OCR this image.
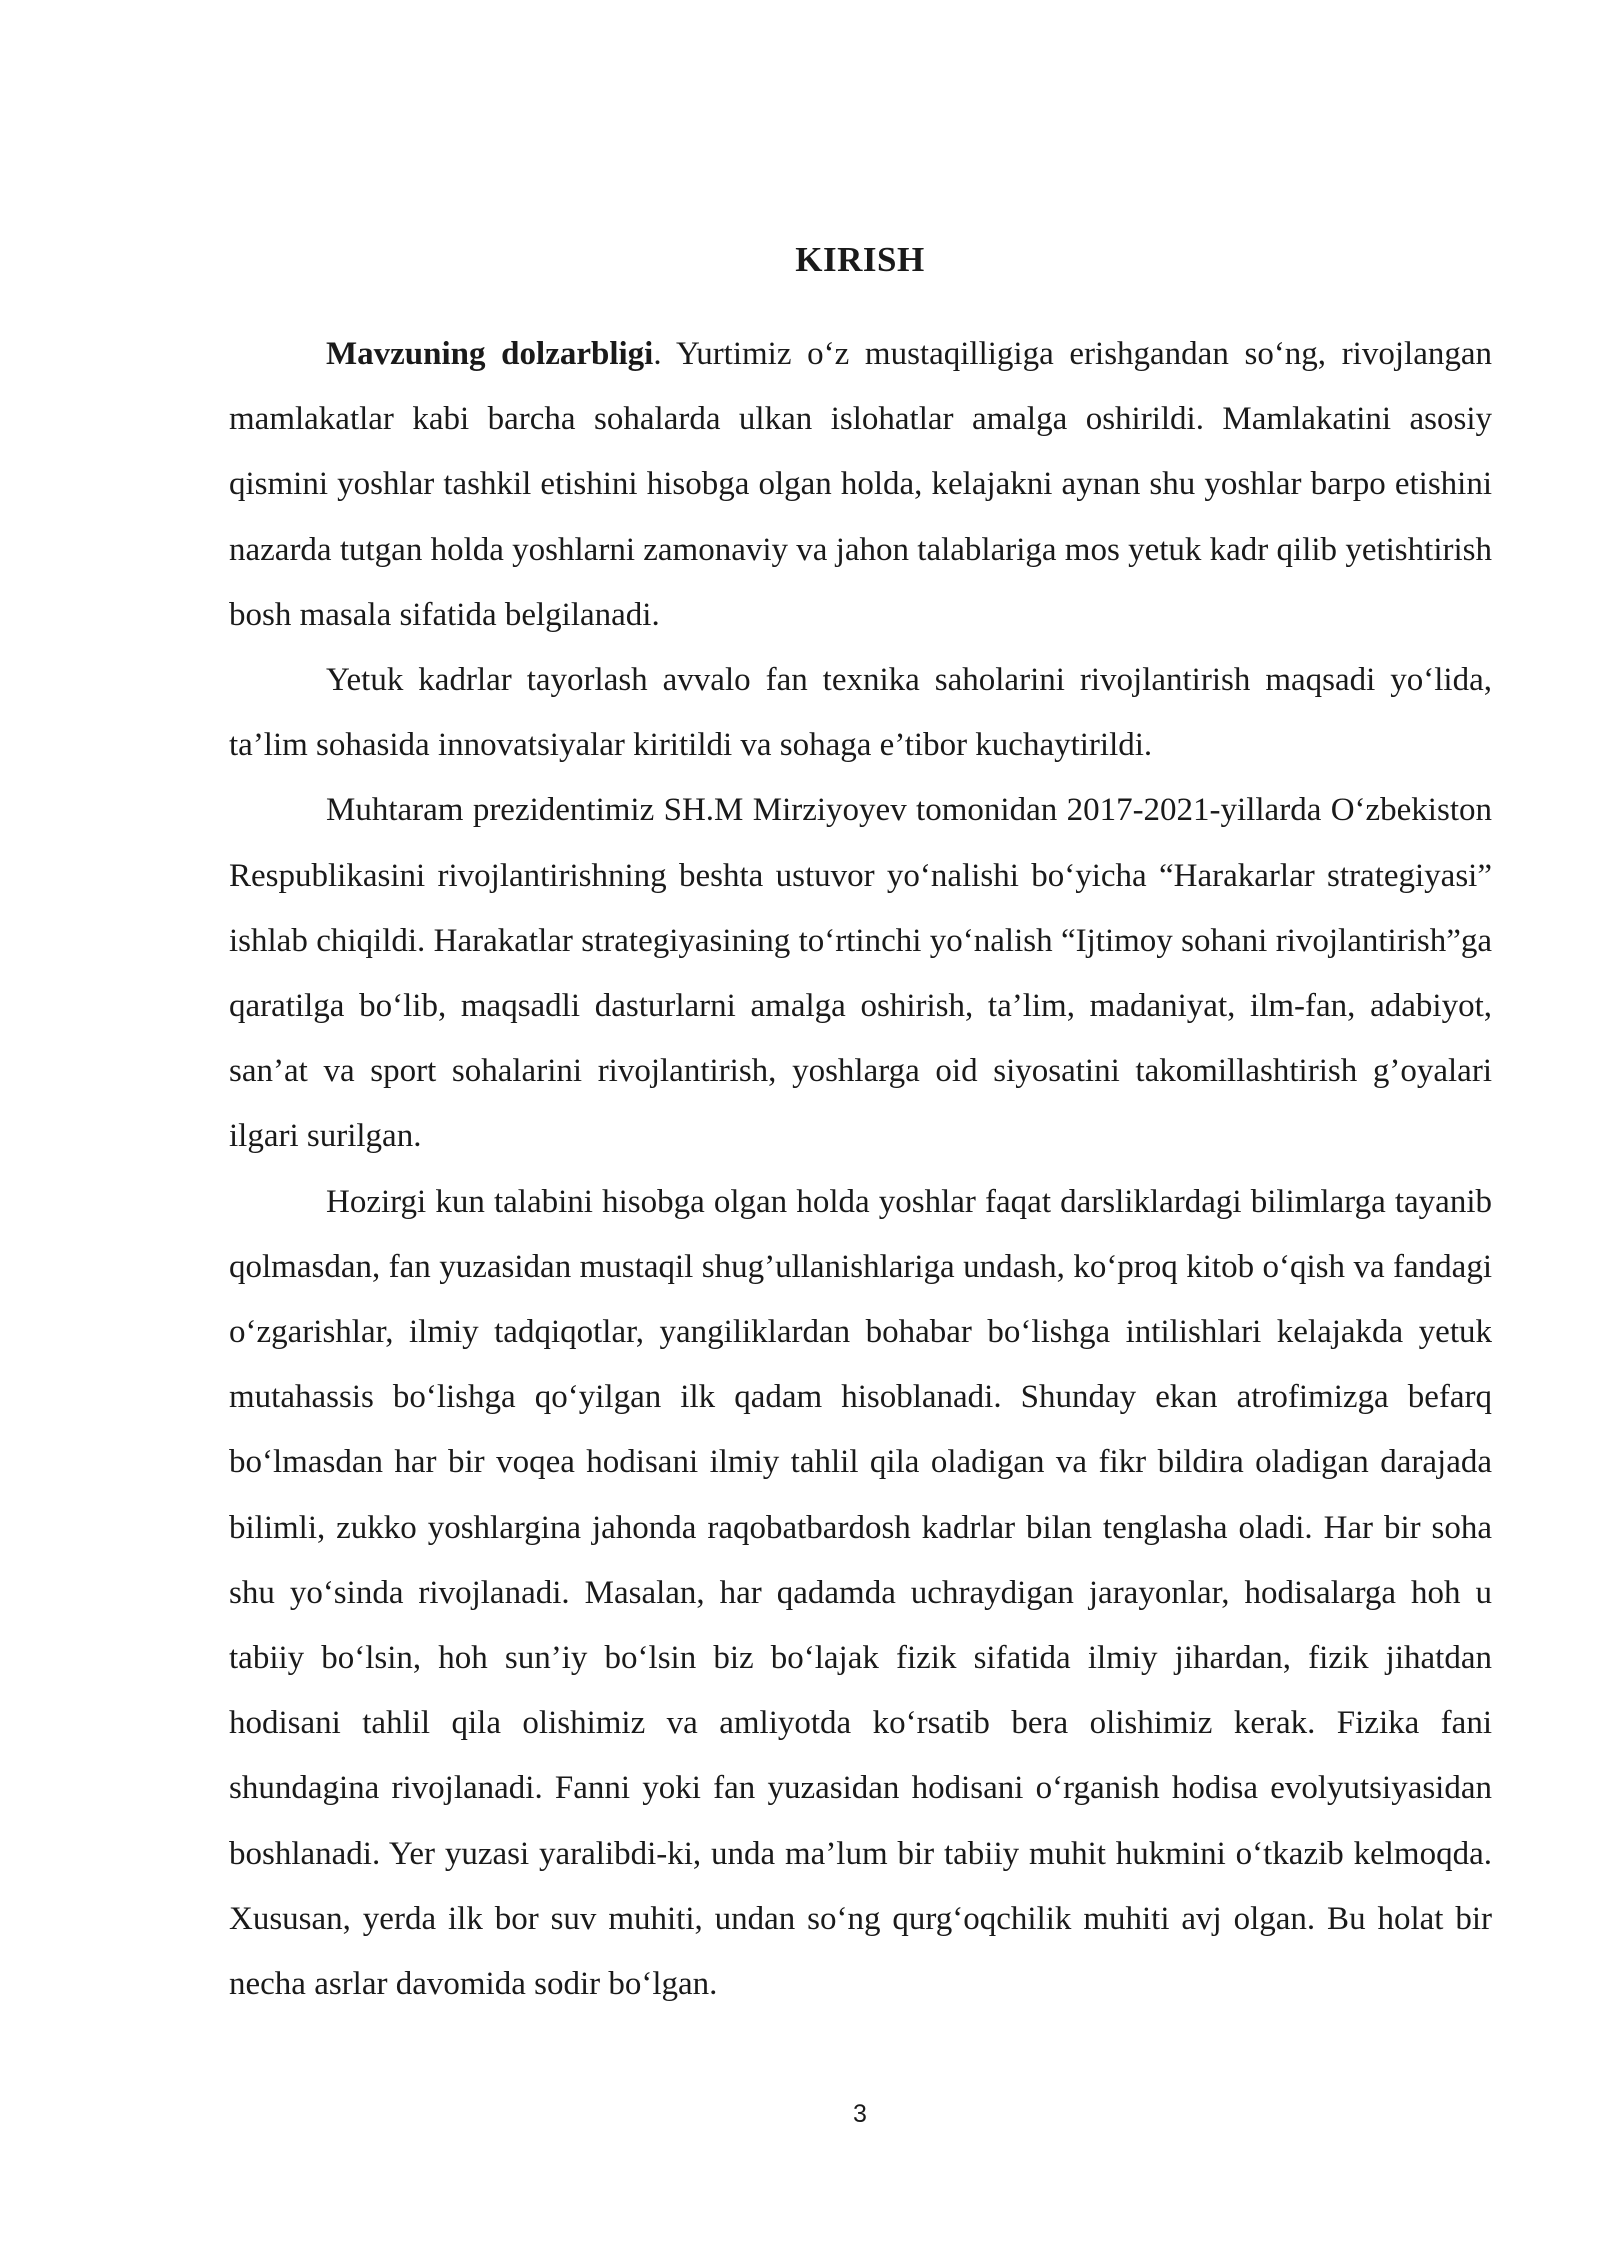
KIRISH

Mavzuning dolzarbligi. Yurtimiz o‘z mustaqilligiga erishgandan so‘ng, rivojlangan mamlakatlar kabi barcha sohalarda ulkan islohatlar amalga oshirildi. Mamlakatini asosiy qismini yoshlar tashkil etishini hisobga olgan holda, kelajakni aynan shu yoshlar barpo etishini nazarda tutgan holda yoshlarni zamonaviy va jahon talablariga mos yetuk kadr qilib yetishtirish bosh masala sifatida belgilanadi.

Yetuk kadrlar tayorlash avvalo fan texnika saholarini rivojlantirish maqsadi yo‘lida, ta’lim sohasida innovatsiyalar kiritildi va sohaga e’tibor kuchaytirildi.

Muhtaram prezidentimiz SH.M Mirziyoyev tomonidan 2017-2021-yillarda O‘zbekiston Respublikasini rivojlantirishning beshta ustuvor yo‘nalishi bo‘yicha “Harakarlar strategiyasi” ishlab chiqildi. Harakatlar strategiyasining to‘rtinchi yo‘nalish “Ijtimoy sohani rivojlantirish”ga qaratilga bo‘lib, maqsadli dasturlarni amalga oshirish, ta’lim, madaniyat, ilm-fan, adabiyot, san’at va sport sohalarini rivojlantirish, yoshlarga oid siyosatini takomillashtirish g’oyalari ilgari surilgan.

Hozirgi kun talabini hisobga olgan holda yoshlar faqat darsliklardagi bilimlarga tayanib qolmasdan, fan yuzasidan mustaqil shug’ullanishlariga undash, ko‘proq kitob o‘qish va fandagi o‘zgarishlar, ilmiy tadqiqotlar, yangiliklardan bohabar bo‘lishga intilishlari kelajakda yetuk mutahassis bo‘lishga qo‘yilgan ilk qadam hisoblanadi. Shunday ekan atrofimizga befarq bo‘lmasdan har bir voqea hodisani ilmiy tahlil qila oladigan va fikr bildira oladigan darajada bilimli, zukko yoshlargina jahonda raqobatbardosh kadrlar bilan tenglasha oladi. Har bir soha shu yo‘sinda rivojlanadi. Masalan, har qadamda uchraydigan jarayonlar, hodisalarga hoh u tabiiy bo‘lsin, hoh sun’iy bo‘lsin biz bo‘lajak fizik sifatida ilmiy jihardan, fizik jihatdan hodisani tahlil qila olishimiz va amliyotda ko‘rsatib bera olishimiz kerak. Fizika fani shundagina rivojlanadi. Fanni yoki fan yuzasidan hodisani o‘rganish hodisa evolyutsiyasidan boshlanadi. Yer yuzasi yaralibdi-ki, unda ma’lum bir tabiiy muhit hukmini o‘tkazib kelmoqda. Xususan, yerda ilk bor suv muhiti, undan so‘ng qurg‘oqchilik muhiti avj olgan. Bu holat bir necha asrlar davomida sodir bo‘lgan.

3
